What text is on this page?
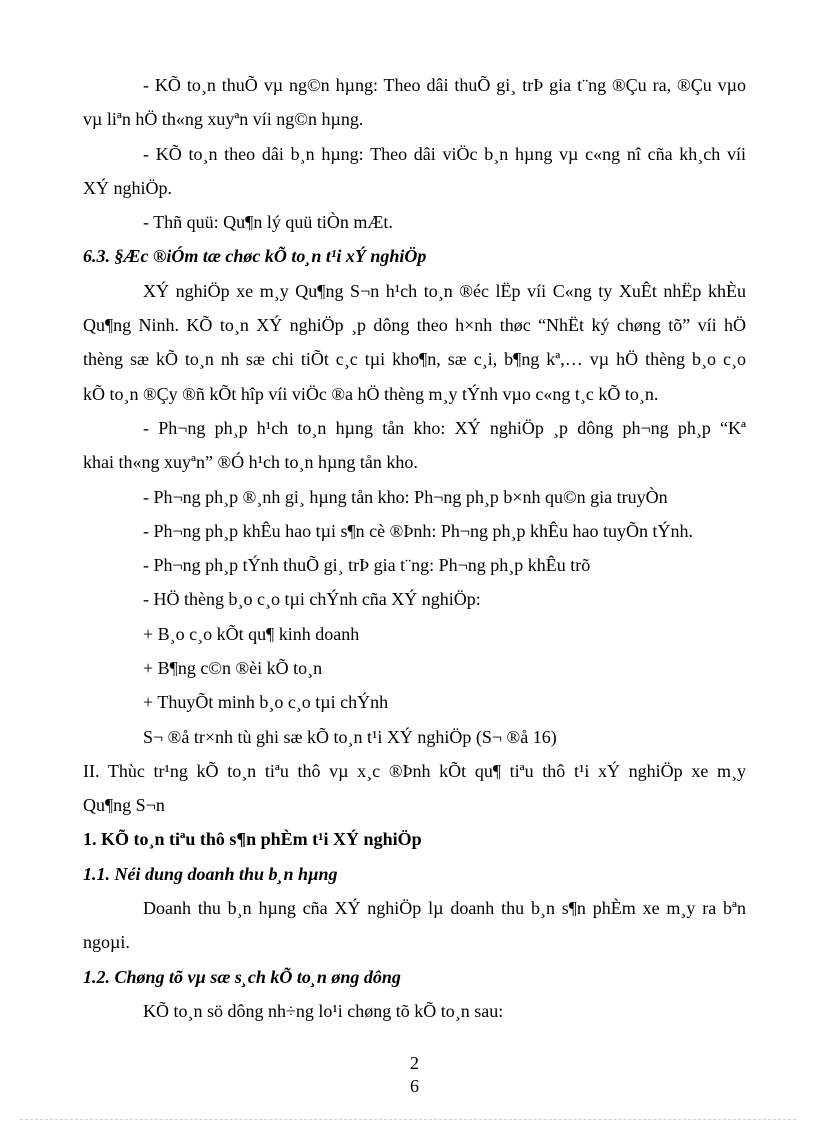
- KÕ to¸n thuÕ vµ ng©n hµng: Theo dâi thuÕ gi¸ trÞ gia t¨ng ®Çu ra, ®Çu vµo
vµ liªn hÖ th«ng xuyªn víi ng©n hµng.
- KÕ to¸n theo dâi b¸n hµng: Theo dâi viÖc b¸n hµng vµ c«ng nî cña kh¸ch víi
XÝ nghiÖp.
- Thñ quü: Qu¶n lý quü tiÒn mÆt.
6.3. §Æc ®iÓm tæ chøc kÕ to¸n t¹i xÝ nghiÖp
XÝ nghiÖp xe m¸y Qu¶ng S¬n h¹ch to¸n ®éc lËp víi C«ng ty XuÊt nhËp khÈu
Qu¶ng Ninh. KÕ to¸n XÝ nghiÖp ¸p dông theo h×nh thøc “NhËt ký chøng tõ” víi hÖ
thèng sæ kÕ to¸n nh sæ chi tiÕt c¸c tµi kho¶n, sæ c¸i, b¶ng kª,… vµ hÖ thèng b¸o c¸o
kÕ to¸n ®Çy ®ñ kÕt hîp víi viÖc ®a hÖ thèng m¸y tÝnh vµo c«ng t¸c kÕ to¸n.
- Ph¬ng ph¸p h¹ch to¸n hµng tån kho: XÝ nghiÖp ¸p dông ph¬ng ph¸p “Kª
khai th«ng xuyªn” ®Ó h¹ch to¸n hµng tån kho.
- Ph¬ng ph¸p ®¸nh gi¸ hµng tån kho: Ph¬ng ph¸p b×nh qu©n gia truyÒn
- Ph¬ng ph¸p khÊu hao tµi s¶n cè ®Þnh: Ph¬ng ph¸p khÊu hao tuyÕn tÝnh.
- Ph¬ng ph¸p tÝnh thuÕ gi¸ trÞ gia t¨ng: Ph¬ng ph¸p khÊu trõ
- HÖ thèng b¸o c¸o tµi chÝnh cña XÝ nghiÖp:
+ B¸o c¸o kÕt qu¶ kinh doanh
+ B¶ng c©n ®èi kÕ to¸n
+ ThuyÕt minh b¸o c¸o tµi chÝnh
S¬ ®å tr×nh tù ghi sæ kÕ to¸n t¹i XÝ nghiÖp (S¬ ®å 16)
II. Thùc tr¹ng kÕ to¸n tiªu thô vµ x¸c ®Þnh kÕt qu¶ tiªu thô t¹i xÝ nghiÖp xe m¸y
Qu¶ng S¬n
1. KÕ to¸n tiªu thô s¶n phÈm t¹i XÝ nghiÖp
1.1. Néi dung doanh thu b¸n hµng
Doanh thu b¸n hµng cña XÝ nghiÖp lµ doanh thu b¸n s¶n phÈm xe m¸y ra bªn
ngoµi.
1.2. Chøng tõ vµ sæ s¸ch kÕ to¸n øng dông
KÕ to¸n sö dông nh÷ng lo¹i chøng tõ kÕ to¸n sau:
2
6
